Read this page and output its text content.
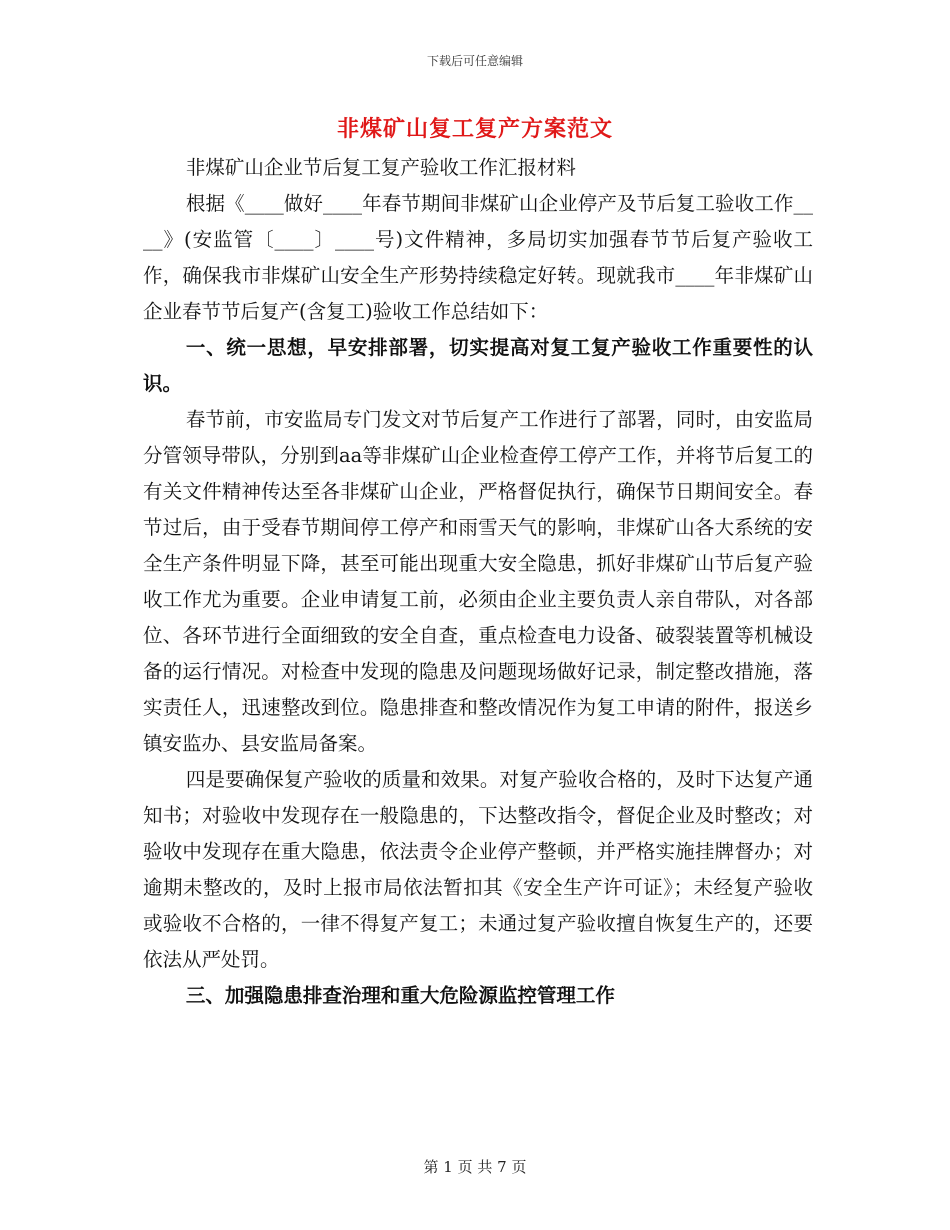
下载后可任意编辑
非煤矿山复工复产方案范文

非煤矿山企业节后复工复产验收工作汇报材料

根据《____做好____年春节期间非煤矿山企业停产及节后复工验收工作____》(安监管〔____〕____号)文件精神，多局切实加强春节节后复产验收工作，确保我市非煤矿山安全生产形势持续稳定好转。现就我市____年非煤矿山企业春节节后复产(含复工)验收工作总结如下：

一、统一思想，早安排部署，切实提高对复工复产验收工作重要性的认识。

春节前，市安监局专门发文对节后复产工作进行了部署，同时，由安监局分管领导带队，分别到aa等非煤矿山企业检查停工停产工作，并将节后复工的有关文件精神传达至各非煤矿山企业，严格督促执行，确保节日期间安全。春节过后，由于受春节期间停工停产和雨雪天气的影响，非煤矿山各大系统的安全生产条件明显下降，甚至可能出现重大安全隐患，抓好非煤矿山节后复产验收工作尤为重要。企业申请复工前，必须由企业主要负责人亲自带队，对各部位、各环节进行全面细致的安全自查，重点检查电力设备、破裂装置等机械设备的运行情况。对检查中发现的隐患及问题现场做好记录，制定整改措施，落实责任人，迅速整改到位。隐患排查和整改情况作为复工申请的附件，报送乡镇安监办、县安监局备案。

四是要确保复产验收的质量和效果。对复产验收合格的，及时下达复产通知书；对验收中发现存在一般隐患的，下达整改指令，督促企业及时整改；对验收中发现存在重大隐患，依法责令企业停产整顿，并严格实施挂牌督办；对逾期未整改的，及时上报市局依法暂扣其《安全生产许可证》；未经复产验收或验收不合格的，一律不得复产复工；未通过复产验收擅自恢复生产的，还要依法从严处罚。

三、加强隐患排查治理和重大危险源监控管理工作

第 1 页 共 7 页
